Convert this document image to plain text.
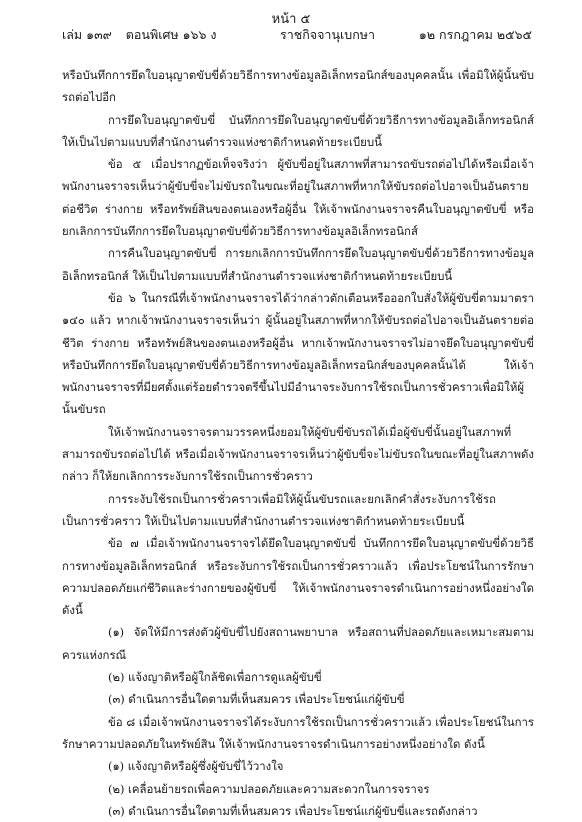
หน้า ๕
เล่ม ๑๓๙ ตอนพิเศษ ๑๖๖ ง	ราชกิจจานุเบกษา	๑๒ กรกฎาคม ๒๕๖๕

หรือบันทึกการยึดใบอนุญาตขับขี่ด้วยวิธีการทางข้อมูลอิเล็กทรอนิกส์ของบุคคลนั้น เพื่อมิให้ผู้นั้นขับรถต่อไปอีก

การยึดใบอนุญาตขับขี่ บันทึกการยึดใบอนุญาตขับขี่ด้วยวิธีการทางข้อมูลอิเล็กทรอนิกส์ ให้เป็นไปตามแบบที่สำนักงานตำรวจแห่งชาติกำหนดท้ายระเบียบนี้

ข้อ ๕ เมื่อปรากฏข้อเท็จจริงว่า ผู้ขับขี่อยู่ในสภาพที่สามารถขับรถต่อไปได้หรือเมื่อเจ้าพนักงานจราจรเห็นว่าผู้ขับขี่จะไม่ขับรถในขณะที่อยู่ในสภาพที่หากให้ขับรถต่อไปอาจเป็นอันตรายต่อชีวิต ร่างกาย หรือทรัพย์สินของตนเองหรือผู้อื่น ให้เจ้าพนักงานจราจรคืนใบอนุญาตขับขี่ หรือยกเลิกการบันทึกการยึดใบอนุญาตขับขี่ด้วยวิธีการทางข้อมูลอิเล็กทรอนิกส์

การคืนใบอนุญาตขับขี่ การยกเลิกการบันทึกการยึดใบอนุญาตขับขี่ด้วยวิธีการทางข้อมูลอิเล็กทรอนิกส์ ให้เป็นไปตามแบบที่สำนักงานตำรวจแห่งชาติกำหนดท้ายระเบียบนี้

ข้อ ๖ ในกรณีที่เจ้าพนักงานจราจรได้ว่ากล่าวตักเตือนหรือออกใบสั่งให้ผู้ขับขี่ตามมาตรา ๑๔๐ แล้ว หากเจ้าพนักงานจราจรเห็นว่า ผู้นั้นอยู่ในสภาพที่หากให้ขับรถต่อไปอาจเป็นอันตรายต่อชีวิต ร่างกาย หรือทรัพย์สินของตนเองหรือผู้อื่น หากเจ้าพนักงานจราจรไม่อาจยึดใบอนุญาตขับขี่หรือบันทึกการยึดใบอนุญาตขับขี่ด้วยวิธีการทางข้อมูลอิเล็กทรอนิกส์ของบุคคลนั้นได้ ให้เจ้าพนักงานจราจรที่มียศตั้งแต่ร้อยตำรวจตรีขึ้นไปมีอำนาจระงับการใช้รถเป็นการชั่วคราวเพื่อมิให้ผู้นั้นขับรถ

ให้เจ้าพนักงานจราจรตามวรรคหนึ่งยอมให้ผู้ขับขี่ขับรถได้เมื่อผู้ขับขี่นั้นอยู่ในสภาพที่สามารถขับรถต่อไปได้ หรือเมื่อเจ้าพนักงานจราจรเห็นว่าผู้ขับขี่จะไม่ขับรถในขณะที่อยู่ในสภาพดังกล่าว ก็ให้ยกเลิกการระงับการใช้รถเป็นการชั่วคราว

การระงับใช้รถเป็นการชั่วคราวเพื่อมิให้ผู้นั้นขับรถและยกเลิกคำสั่งระงับการใช้รถเป็นการชั่วคราว ให้เป็นไปตามแบบที่สำนักงานตำรวจแห่งชาติกำหนดท้ายระเบียบนี้

ข้อ ๗ เมื่อเจ้าพนักงานจราจรได้ยึดใบอนุญาตขับขี่ บันทึกการยึดใบอนุญาตขับขี่ด้วยวิธีการทางข้อมูลอิเล็กทรอนิกส์ หรือระงับการใช้รถเป็นการชั่วคราวแล้ว เพื่อประโยชน์ในการรักษาความปลอดภัยแก่ชีวิตและร่างกายของผู้ขับขี่ ให้เจ้าพนักงานจราจรดำเนินการอย่างหนึ่งอย่างใด ดังนี้

(๑) จัดให้มีการส่งตัวผู้ขับขี่ไปยังสถานพยาบาล หรือสถานที่ปลอดภัยและเหมาะสมตามควรแห่งกรณี

(๒) แจ้งญาติหรือผู้ใกล้ชิดเพื่อการดูแลผู้ขับขี่

(๓) ดำเนินการอื่นใดตามที่เห็นสมควร เพื่อประโยชน์แก่ผู้ขับขี่

ข้อ ๘ เมื่อเจ้าพนักงานจราจรได้ระงับการใช้รถเป็นการชั่วคราวแล้ว เพื่อประโยชน์ในการรักษาความปลอดภัยในทรัพย์สิน ให้เจ้าพนักงานจราจรดำเนินการอย่างหนึ่งอย่างใด ดังนี้

(๑) แจ้งญาติหรือผู้ซึ่งผู้ขับขี่ไว้วางใจ

(๒) เคลื่อนย้ายรถเพื่อความปลอดภัยและความสะดวกในการจราจร

(๓) ดำเนินการอื่นใดตามที่เห็นสมควร เพื่อประโยชน์แก่ผู้ขับขี่และรถดังกล่าว
